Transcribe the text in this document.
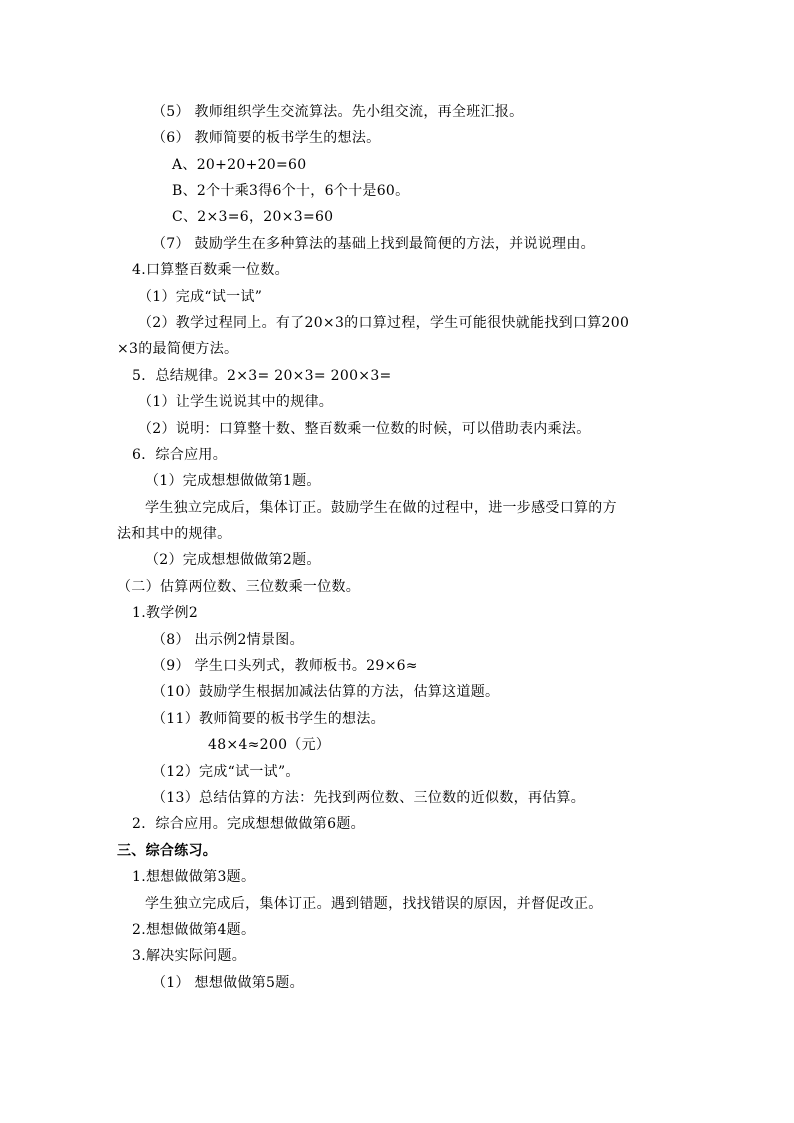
（5） 教师组织学生交流算法。先小组交流，再全班汇报。
（6） 教师简要的板书学生的想法。
A、20+20+20=60
B、2个十乘3得6个十，6个十是60。
C、2×3=6，20×3=60
（7） 鼓励学生在多种算法的基础上找到最简便的方法，并说说理由。
4.口算整百数乘一位数。
（1）完成“试一试”
（2）教学过程同上。有了20×3的口算过程，学生可能很快就能找到口算200
×3的最简便方法。
5．总结规律。2×3= 20×3= 200×3=
（1）让学生说说其中的规律。
（2）说明：口算整十数、整百数乘一位数的时候，可以借助表内乘法。
6．综合应用。
（1）完成想想做做第1题。
学生独立完成后，集体订正。鼓励学生在做的过程中，进一步感受口算的方
法和其中的规律。
（2）完成想想做做第2题。
（二）估算两位数、三位数乘一位数。
1.教学例2
（8） 出示例2情景图。
（9） 学生口头列式，教师板书。29×6≈
（10）鼓励学生根据加减法估算的方法，估算这道题。
（11）教师简要的板书学生的想法。
48×4≈200（元）
（12）完成“试一试”。
（13）总结估算的方法：先找到两位数、三位数的近似数，再估算。
2．综合应用。完成想想做做第6题。
三、综合练习。
1.想想做做第3题。
学生独立完成后，集体订正。遇到错题，找找错误的原因，并督促改正。
2.想想做做第4题。
3.解决实际问题。
（1） 想想做做第5题。
